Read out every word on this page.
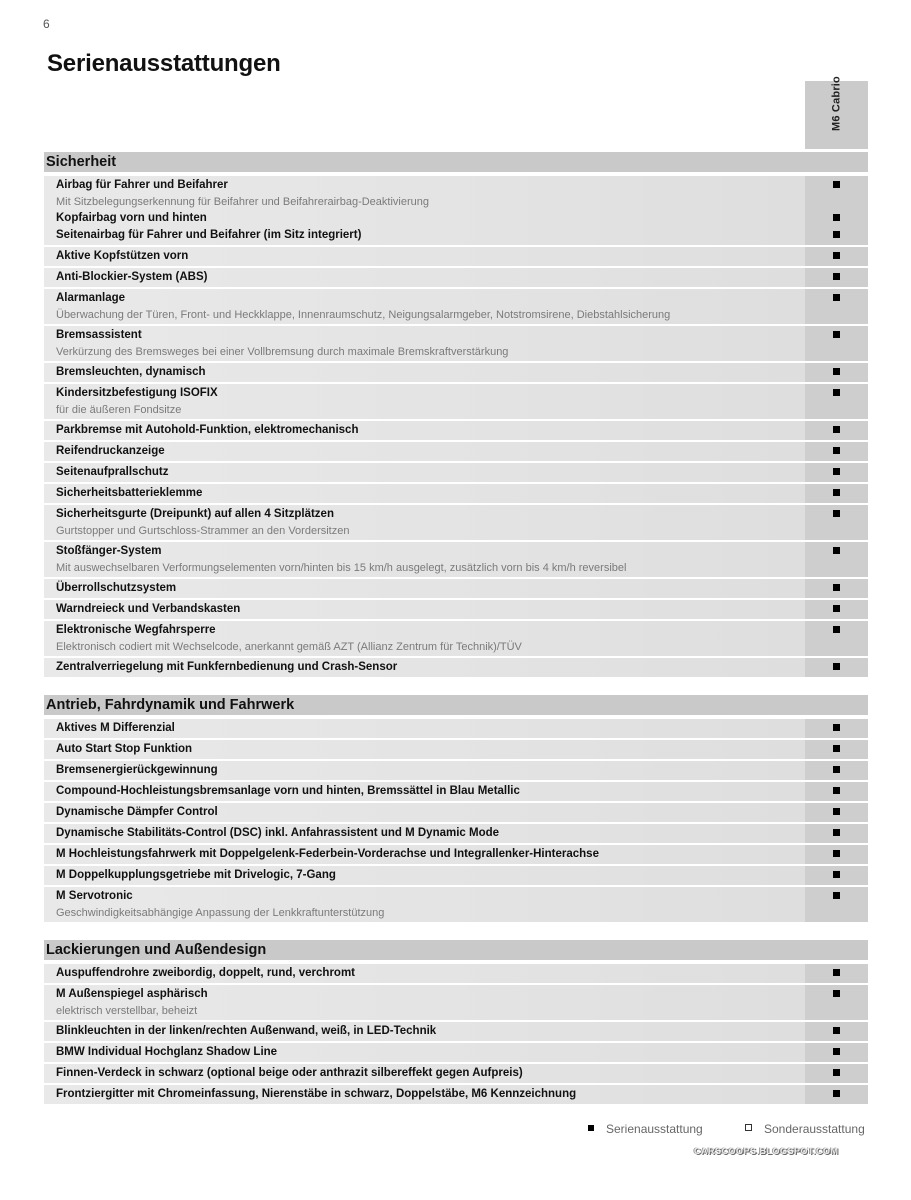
6
Serienausstattungen
M6 Cabrio
Sicherheit
Airbag für Fahrer und Beifahrer
Mit Sitzbelegungserkennung für Beifahrer und Beifahrerairbag-Deaktivierung
Kopfairbag vorn und hinten
Seitenairbag für Fahrer und Beifahrer (im Sitz integriert)
Aktive Kopfstützen vorn
Anti-Blockier-System (ABS)
Alarmanlage
Überwachung der Türen, Front- und Heckklappe, Innenraumschutz, Neigungsalarmgeber, Notstromsirene, Diebstahlsicherung
Bremsassistent
Verkürzung des Bremsweges bei einer Vollbremsung durch maximale Bremskraftverstärkung
Bremsleuchten, dynamisch
Kindersitzbefestigung ISOFIX
für die äußeren Fondsitze
Parkbremse mit Autohold-Funktion, elektromechanisch
Reifendruckanzeige
Seitenaufprallschutz
Sicherheitsbatterieklemme
Sicherheitsgurte (Dreipunkt) auf allen 4 Sitzplätzen
Gurtstopper und Gurtschloss-Strammer an den Vordersitzen
Stoßfänger-System
Mit auswechselbaren Verformungselementen vorn/hinten bis 15 km/h ausgelegt, zusätzlich vorn bis 4 km/h reversibel
Überrollschutzsystem
Warndreieck und Verbandskasten
Elektronische Wegfahrsperre
Elektronisch codiert mit Wechselcode, anerkannt gemäß AZT (Allianz Zentrum für Technik)/TÜV
Zentralverriegelung mit Funkfernbedienung und Crash-Sensor
Antrieb, Fahrdynamik und Fahrwerk
Aktives M Differenzial
Auto Start Stop Funktion
Bremsenergierückgewinnung
Compound-Hochleistungsbremsanlage vorn und hinten, Bremssättel in Blau Metallic
Dynamische Dämpfer Control
Dynamische Stabilitäts-Control (DSC) inkl. Anfahrassistent und M Dynamic Mode
M Hochleistungsfahrwerk mit Doppelgelenk-Federbein-Vorderachse und Integrallenker-Hinterachse
M Doppelkupplungsgetriebe mit Drivelogic, 7-Gang
M Servotronic
Geschwindigkeitsabhängige Anpassung der Lenkkraftunterstützung
Lackierungen und Außendesign
Auspuffendrohre zweibordig, doppelt, rund, verchromt
M Außenspiegel asphärisch
elektrisch verstellbar, beheizt
Blinkleuchten in der linken/rechten Außenwand, weiß, in LED-Technik
BMW Individual Hochglanz Shadow Line
Finnen-Verdeck in schwarz (optional beige oder anthrazit silbereffekt gegen Aufpreis)
Frontziergitter mit Chromeinfassung, Nierenstäbe in schwarz, Doppelstäbe, M6 Kennzeichnung
Serienausstattung	Sonderausstattung
CARSCOOPS.BLOGSPOT.COM
